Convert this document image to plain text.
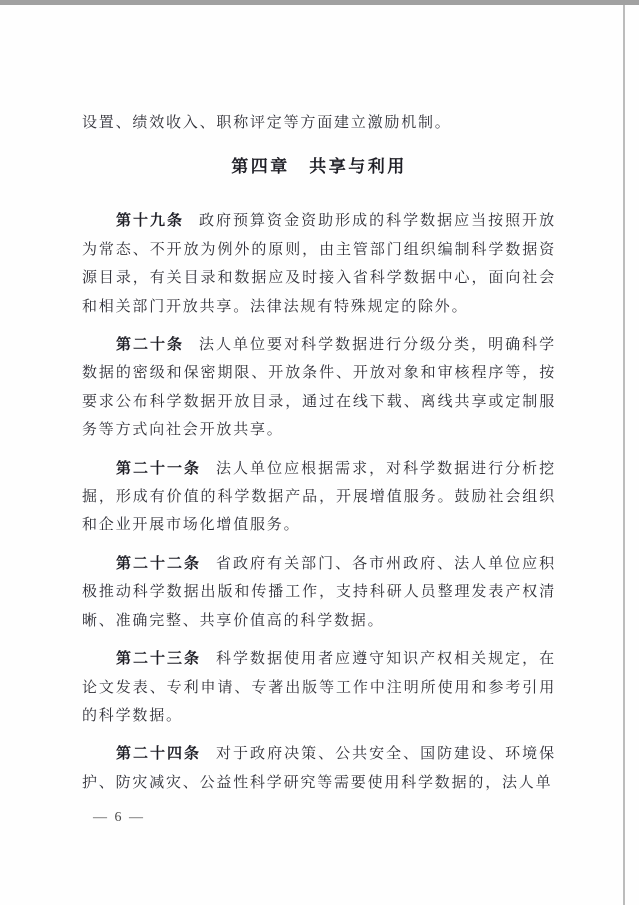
设置、绩效收入、职称评定等方面建立激励机制。

第四章　共享与利用

第十九条 政府预算资金资助形成的科学数据应当按照开放为常态、不开放为例外的原则，由主管部门组织编制科学数据资源目录，有关目录和数据应及时接入省科学数据中心，面向社会和相关部门开放共享。法律法规有特殊规定的除外。

第二十条 法人单位要对科学数据进行分级分类，明确科学数据的密级和保密期限、开放条件、开放对象和审核程序等，按要求公布科学数据开放目录，通过在线下载、离线共享或定制服务等方式向社会开放共享。

第二十一条 法人单位应根据需求，对科学数据进行分析挖掘，形成有价值的科学数据产品，开展增值服务。鼓励社会组织和企业开展市场化增值服务。

第二十二条 省政府有关部门、各市州政府、法人单位应积极推动科学数据出版和传播工作，支持科研人员整理发表产权清晰、准确完整、共享价值高的科学数据。

第二十三条 科学数据使用者应遵守知识产权相关规定，在论文发表、专利申请、专著出版等工作中注明所使用和参考引用的科学数据。

第二十四条 对于政府决策、公共安全、国防建设、环境保护、防灾减灾、公益性科学研究等需要使用科学数据的，法人单

— 6 —
